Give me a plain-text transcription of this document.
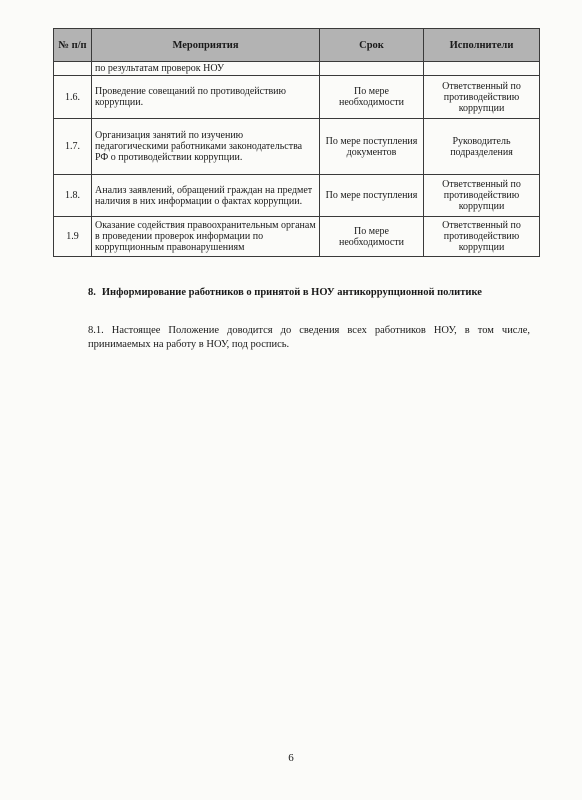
№ п/п	Мероприятия	Срок	Исполнители
	по результатам проверок НОУ		
1.6.	Проведение совещаний по противодействию коррупции.	По мере необходимости	Ответственный по противодействию коррупции
1.7.	Организация занятий по изучению педагогическими работниками законодательства РФ о противодействии коррупции.	По мере поступления документов	Руководитель подразделения
1.8.	Анализ заявлений, обращений граждан на предмет наличия в них информации о фактах коррупции.	По мере поступления	Ответственный по противодействию коррупции
1.9	Оказание содействия правоохранительным органам в проведении проверок информации по коррупционным правонарушениям	По мере необходимости	Ответственный по противодействию коррупции
8. Информирование работников о принятой в НОУ антикоррупционной политике

8.1. Настоящее Положение доводится до сведения всех работников НОУ, в том числе, принимаемых на работу в НОУ, под роспись.

6
